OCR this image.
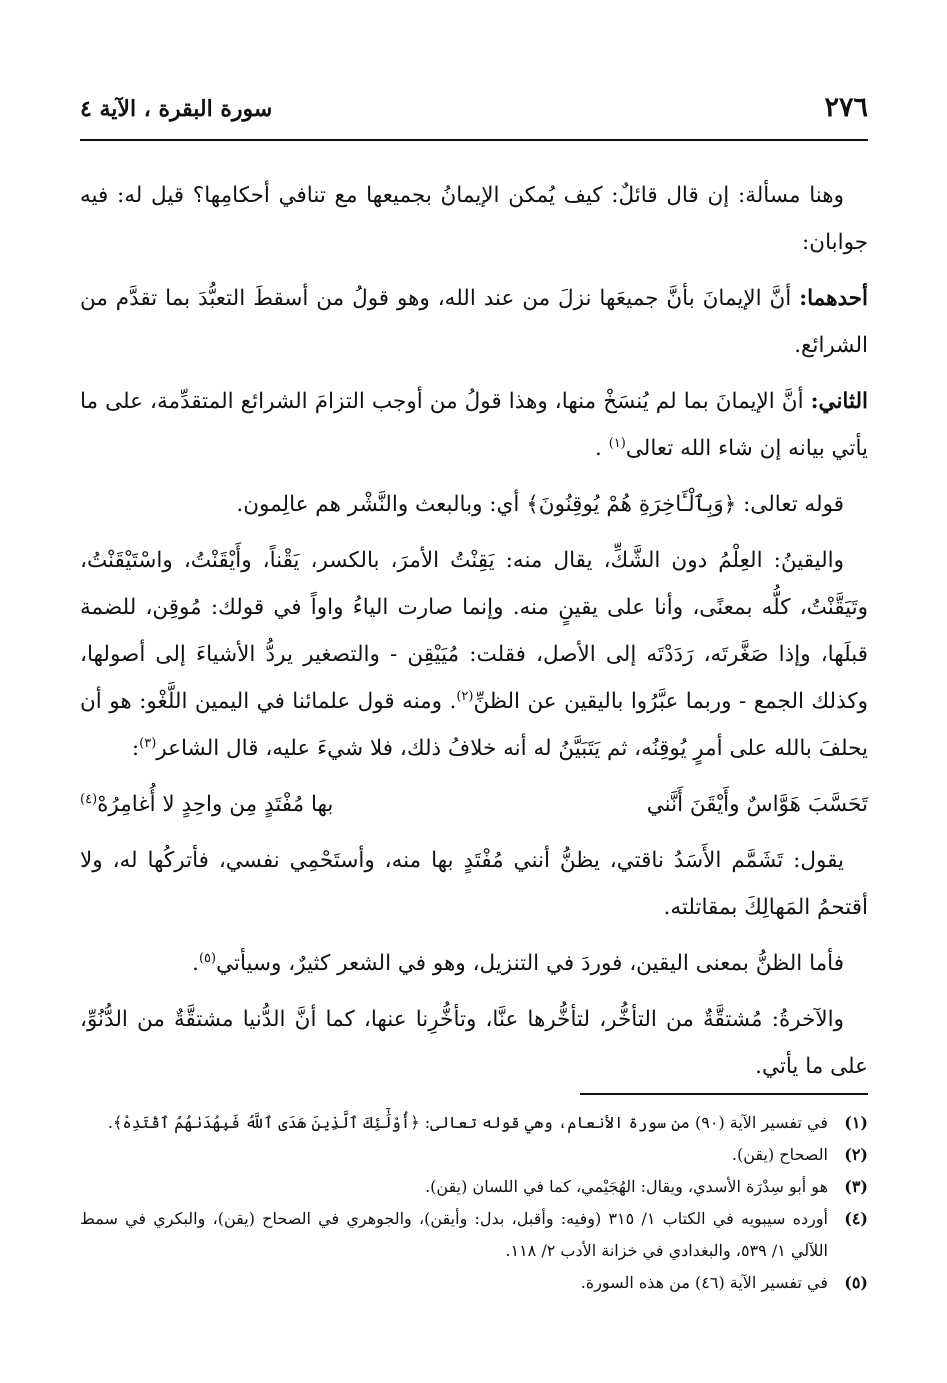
٢٧٦
سورة البقرة ، الآية ٤

وهنا مسألة: إن قال قائلٌ: كيف يُمكن الإيمانُ بجميعها مع تنافي أحكامِها؟ قيل له: فيه جوابان:

أحدهما: أنَّ الإيمانَ بأنَّ جميعَها نزلَ من عند الله، وهو قولُ من أسقطَ التعبُّدَ بما تقدَّم من الشرائع.

الثاني: أنَّ الإيمانَ بما لم يُنسَخْ منها، وهذا قولُ من أوجب التزامَ الشرائع المتقدِّمة، على ما يأتي بيانه إن شاء الله تعالى$^{(١)}$ .

قوله تعالى: ﴿وَبِٱلْـَٔاخِرَةِ هُمْ يُوقِنُونَ﴾ أي: وبالبعث والنَّشْر هم عالِمون.

واليقينُ: العِلْمُ دون الشَّكِّ، يقال منه: يَقِنْتُ الأمرَ، بالكسر، يَقْناً، وأَيْقَنْتُ، واسْتَيْقَنْتُ، وتَيَقَّنْتُ، كلُّه بمعنًى، وأنا على يقينٍ منه. وإنما صارت الياءُ واواً في قولك: مُوقِن، للضمة قبلَها، وإذا صَغَّرتَه، رَدَدْتَه إلى الأصل، فقلت: مُيَيْقِن - والتصغير يردُّ الأشياءَ إلى أصولها، وكذلك الجمع - وربما عبَّرُوا باليقين عن الظنِّ$^{(٢)}$. ومنه قول علمائنا في اليمين اللَّغْو: هو أن يحلفَ بالله على أمرٍ يُوقِنُه، ثم يَتَبَيَّنُ له أنه خلافُ ذلك، فلا شيءَ عليه، قال الشاعر$^{(٣)}$:

تَحَسَّبَ هَوَّاسٌ وأَيْقَنَ أَنَّني
بها مُفْتَدٍ مِن واحِدٍ لا أُغامِرُهْ$^{(٤)}$

يقول: تَشَمَّم الأَسَدُ ناقتي، يظنُّ أنني مُفْتَدٍ بها منه، وأستَحْمِي نفسي، فأتركُها له، ولا أقتحمُ المَهالِكَ بمقاتلته.

فأما الظنُّ بمعنى اليقين، فوردَ في التنزيل، وهو في الشعر كثيرٌ، وسيأتي$^{(٥)}$.

والآخرةُ: مُشتقَّةٌ من التأخُّر، لتأخُّرها عنَّا، وتأخُّرِنا عنها، كما أنَّ الدُّنيا مشتقَّةٌ من الدُّنُوِّ، على ما يأتي.

(١)
في تفسير الآية (٩٠) من سورة الأنعام، وهي قوله تعالى: ﴿أُوْلَٰٓئِكَ ٱلَّذِينَ هَدَى ٱللَّهُ فَبِهُدَىٰهُمُ ٱقْتَدِهْ﴾.
(٢)
الصحاح (يقن).
(٣)
هو أبو سِدْرَة الأسدي، ويقال: الهُجَيْمي، كما في اللسان (يقن).
(٤)
أورده سيبويه في الكتاب ١/ ٣١٥ (وفيه: وأقبل، بدل: وأيقن)، والجوهري في الصحاح (يقن)، والبكري في سمط اللآلي ١/ ٥٣٩، والبغدادي في خزانة الأدب ٢/ ١١٨.
(٥)
في تفسير الآية (٤٦) من هذه السورة.
